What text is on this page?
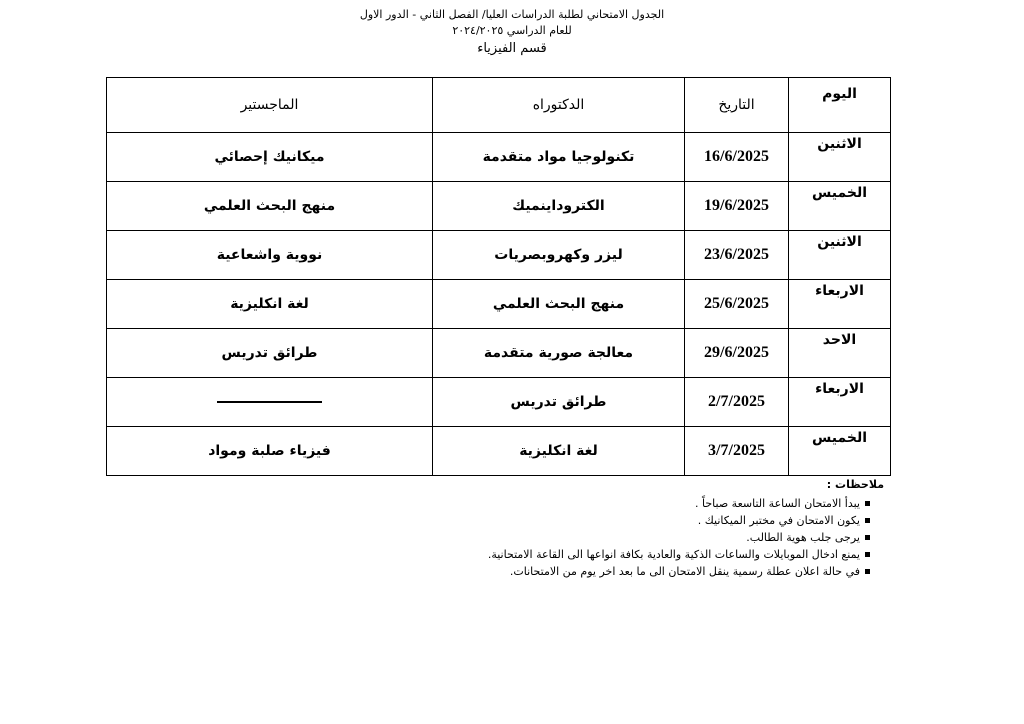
الجدول الامتحاني لطلبة الدراسات العليا/ الفصل الثاني - الدور الاول
للعام الدراسي ٢٠٢٤/٢٠٢٥
قسم الفيزياء
الماجستير	الدكتوراه	التاريخ	اليوم
ميكانيك إحصائي	تكنولوجيا مواد متقدمة	16/6/2025	الاثنين
منهج البحث العلمي	الكتروداينميك	19/6/2025	الخميس
نووية واشعاعية	ليزر وكهروبصريات	23/6/2025	الاثنين
لغة انكليزية	منهج البحث العلمي	25/6/2025	الاربعاء
طرائق تدريس	معالجة صورية متقدمة	29/6/2025	الاحد
	طرائق تدريس	2/7/2025	الاربعاء
فيزياء صلبة ومواد	لغة انكليزية	3/7/2025	الخميس
ملاحظات :
يبدأ الامتحان الساعة التاسعة صباحاً .
يكون الامتحان في مختبر الميكانيك .
يرجى جلب هوية الطالب.
يمنع ادخال الموبايلات والساعات الذكية والعادية بكافة انواعها الى القاعة الامتحانية.
في حالة اعلان عطلة رسمية ينقل الامتحان الى ما بعد اخر يوم من الامتحانات.
